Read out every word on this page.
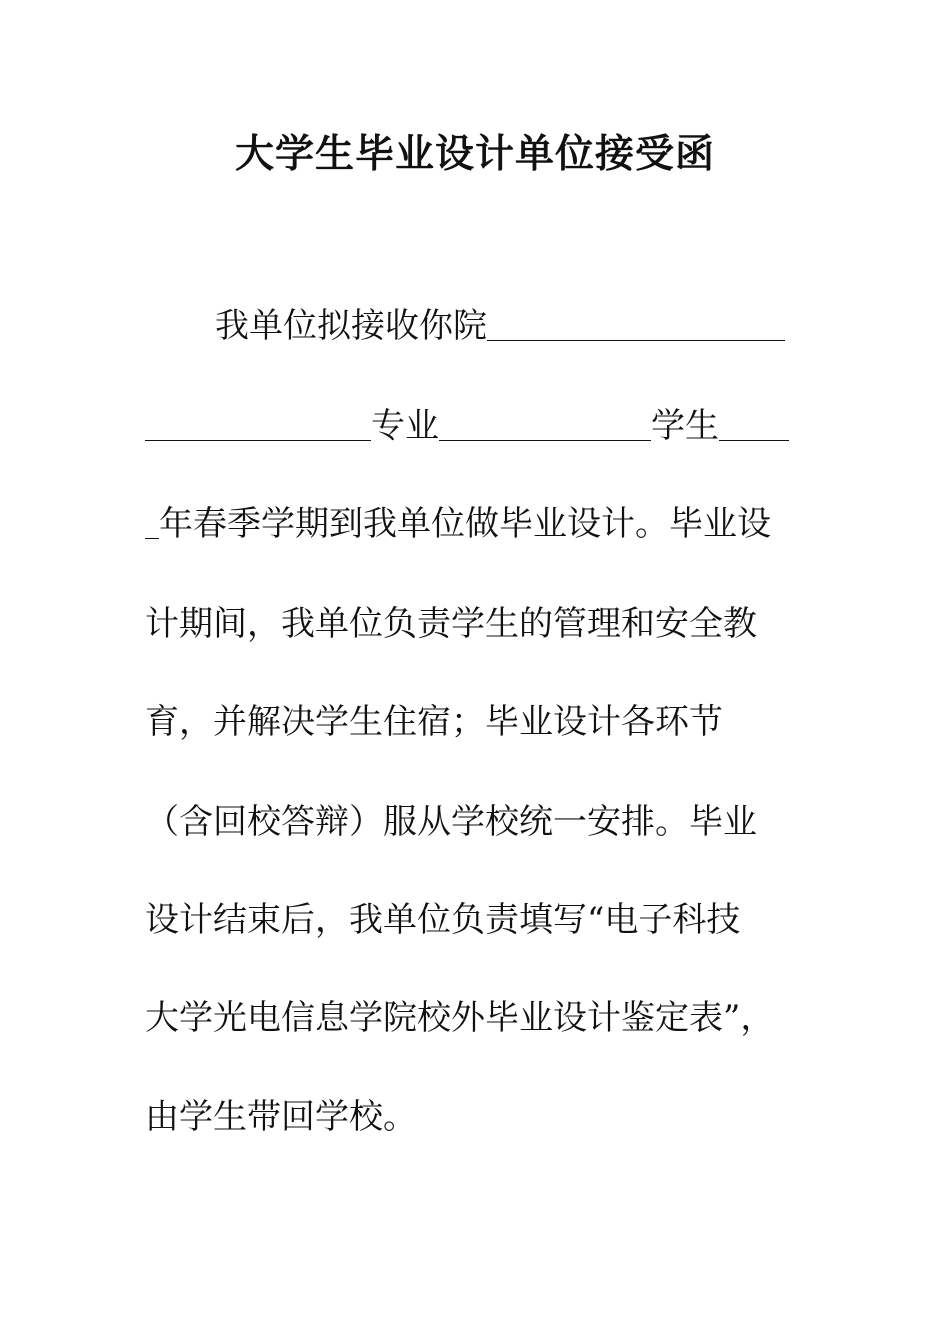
大学生毕业设计单位接受函
我单位拟接收你院
专业	学生
年春季学期到我单位做毕业设计。毕业设
计期间，我单位负责学生的管理和安全教
育，并解决学生住宿；毕业设计各环节
（含回校答辩）服从学校统一安排。毕业
设计结束后，我单位负责填写“电子科技
大学光电信息学院校外毕业设计鉴定表”，
由学生带回学校。
